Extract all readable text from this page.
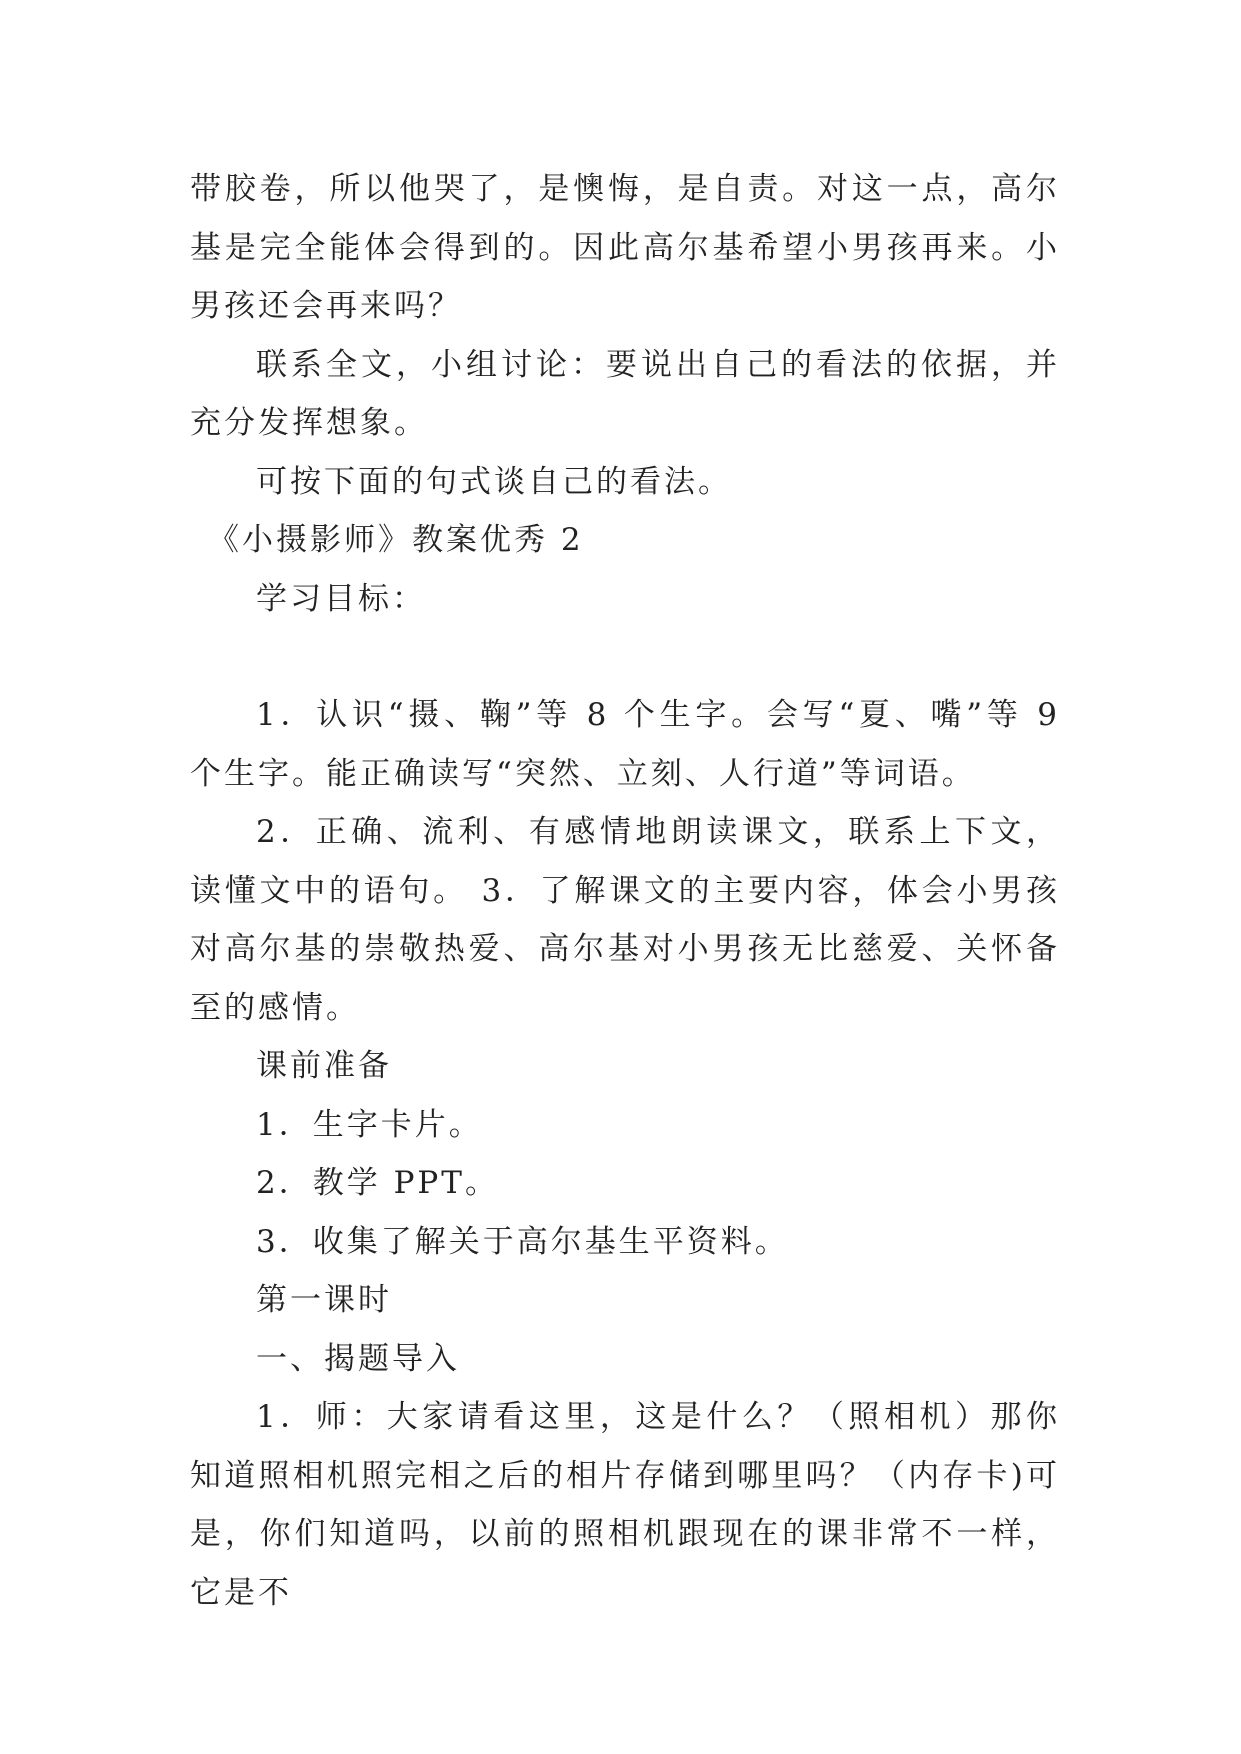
带胶卷，所以他哭了，是懊悔，是自责。对这一点，高尔基是完全能体会得到的。因此高尔基希望小男孩再来。小男孩还会再来吗？

联系全文，小组讨论：要说出自己的看法的依据，并充分发挥想象。

可按下面的句式谈自己的看法。

《小摄影师》教案优秀 2

学习目标：

1．认识“摄、鞠”等 8 个生字。会写“夏、嘴”等 9 个生字。能正确读写“突然、立刻、人行道”等词语。

2．正确、流利、有感情地朗读课文，联系上下文，读懂文中的语句。 3．了解课文的主要内容，体会小男孩对高尔基的崇敬热爱、高尔基对小男孩无比慈爱、关怀备至的感情。

课前准备

1．生字卡片。

2．教学 PPT。

3．收集了解关于高尔基生平资料。

第一课时

一、揭题导入

1．师：大家请看这里，这是什么？（照相机）那你知道照相机照完相之后的相片存储到哪里吗？（内存卡)可是，你们知道吗，以前的照相机跟现在的课非常不一样，它是不
